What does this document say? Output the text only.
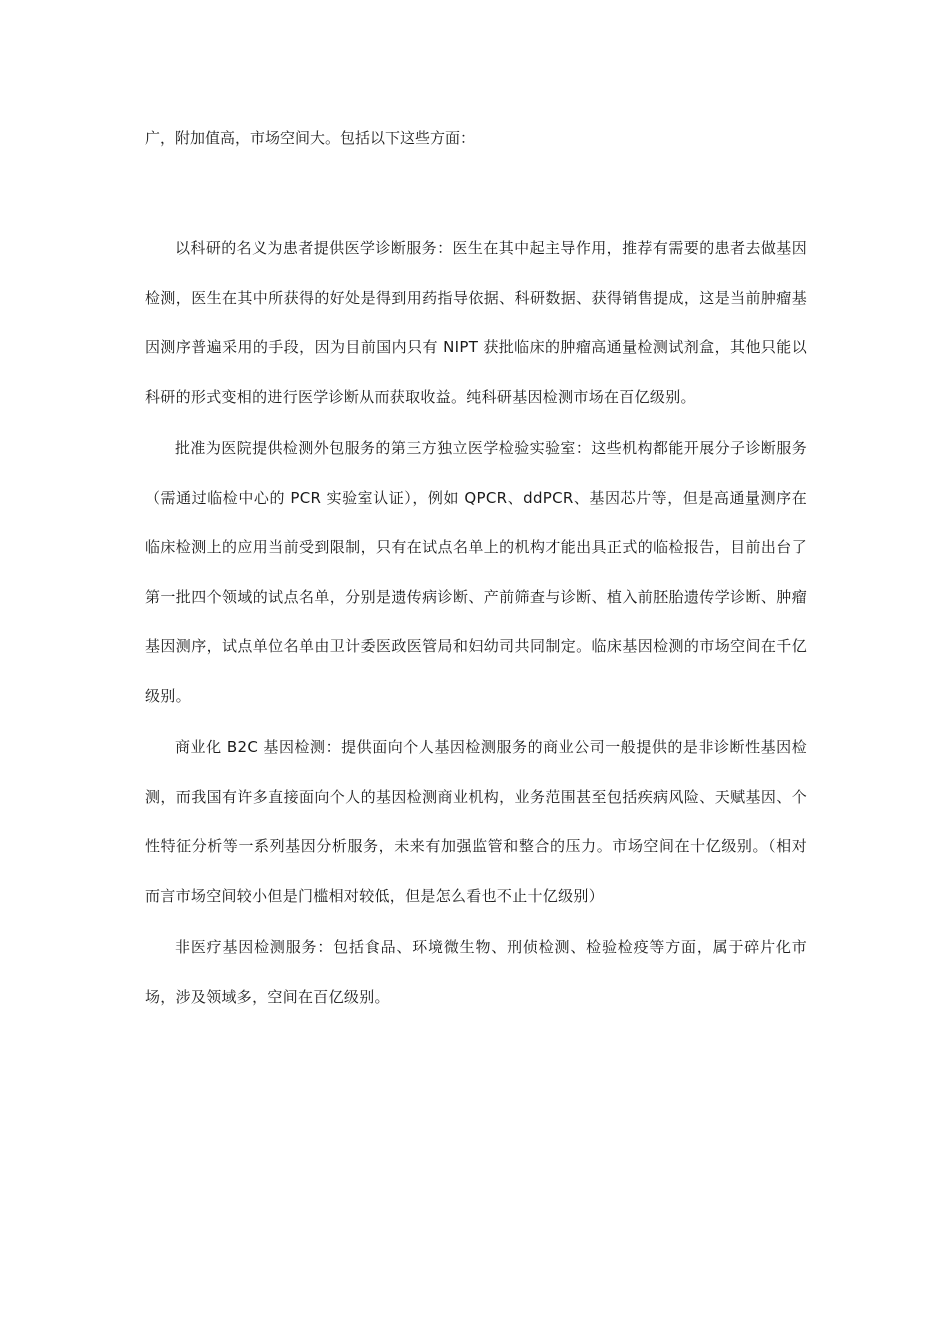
广，附加值高，市场空间大。包括以下这些方面：

以科研的名义为患者提供医学诊断服务：医生在其中起主导作用，推荐有需要的患者去做基因检测，医生在其中所获得的好处是得到用药指导依据、科研数据、获得销售提成，这是当前肿瘤基因测序普遍采用的手段，因为目前国内只有 NIPT 获批临床的肿瘤高通量检测试剂盒，其他只能以科研的形式变相的进行医学诊断从而获取收益。纯科研基因检测市场在百亿级别。

批准为医院提供检测外包服务的第三方独立医学检验实验室：这些机构都能开展分子诊断服务（需通过临检中心的 PCR 实验室认证），例如 QPCR、ddPCR、基因芯片等，但是高通量测序在临床检测上的应用当前受到限制，只有在试点名单上的机构才能出具正式的临检报告，目前出台了第一批四个领域的试点名单，分别是遗传病诊断、产前筛查与诊断、植入前胚胎遗传学诊断、肿瘤基因测序，试点单位名单由卫计委医政医管局和妇幼司共同制定。临床基因检测的市场空间在千亿级别。

商业化 B2C 基因检测：提供面向个人基因检测服务的商业公司一般提供的是非诊断性基因检测，而我国有许多直接面向个人的基因检测商业机构，业务范围甚至包括疾病风险、天赋基因、个性特征分析等一系列基因分析服务，未来有加强监管和整合的压力。市场空间在十亿级别。（相对而言市场空间较小但是门槛相对较低，但是怎么看也不止十亿级别）

非医疗基因检测服务：包括食品、环境微生物、刑侦检测、检验检疫等方面，属于碎片化市场，涉及领域多，空间在百亿级别。
